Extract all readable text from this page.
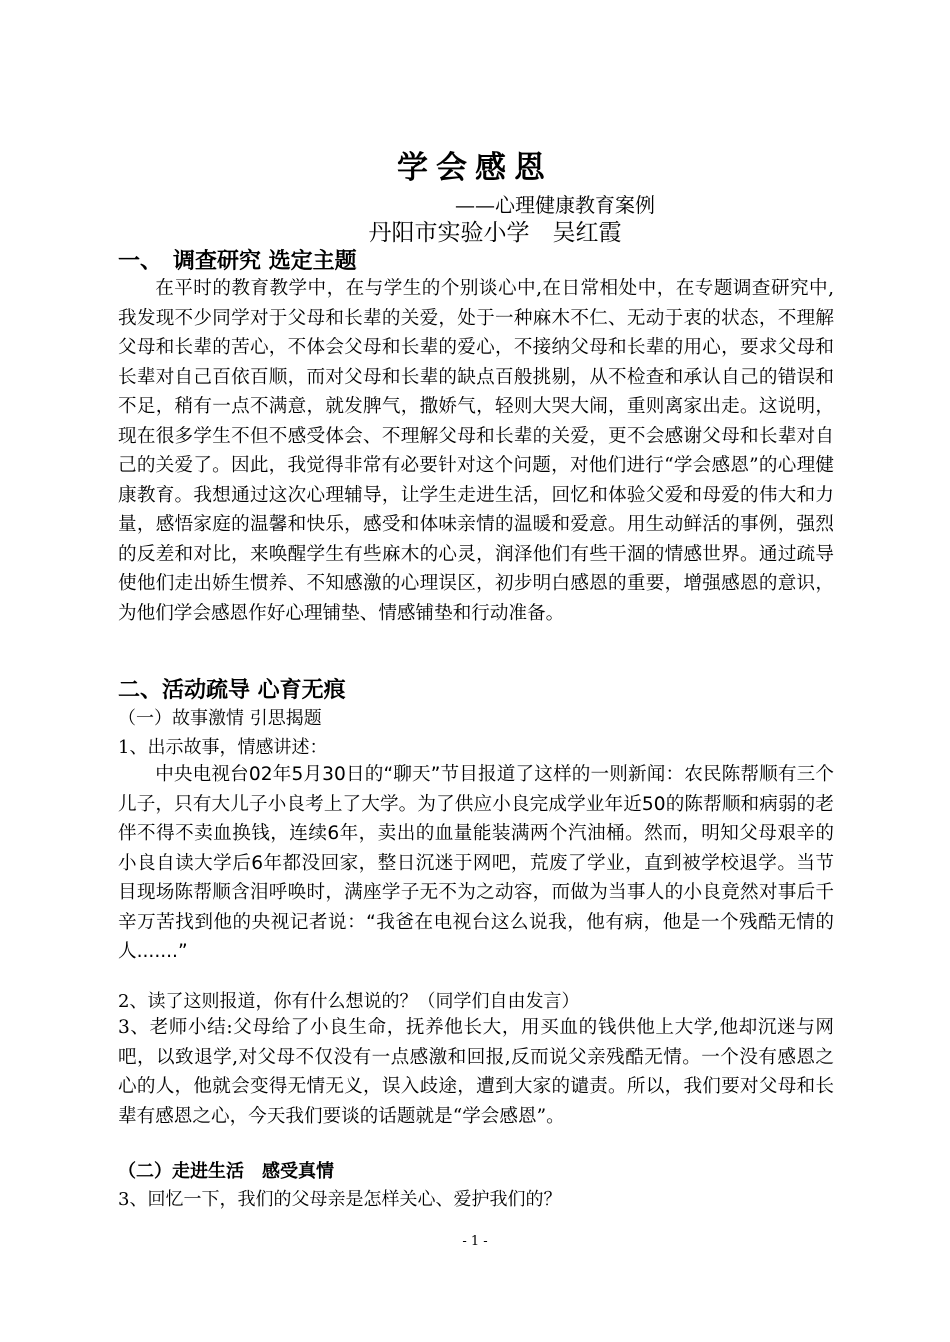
学会感恩
——心理健康教育案例
丹阳市实验小学　吴红霞
一、　调查研究 选定主题
在平时的教育教学中，在与学生的个别谈心中,在日常相处中，在专题调查研究中,我发现不少同学对于父母和长辈的关爱，处于一种麻木不仁、无动于衷的状态，不理解父母和长辈的苦心，不体会父母和长辈的爱心，不接纳父母和长辈的用心，要求父母和长辈对自己百依百顺，而对父母和长辈的缺点百般挑剔，从不检查和承认自己的错误和不足，稍有一点不满意，就发脾气，撒娇气，轻则大哭大闹，重则离家出走。这说明，现在很多学生不但不感受体会、不理解父母和长辈的关爱，更不会感谢父母和长辈对自己的关爱了。因此，我觉得非常有必要针对这个问题，对他们进行“学会感恩”的心理健康教育。我想通过这次心理辅导，让学生走进生活，回忆和体验父爱和母爱的伟大和力量，感悟家庭的温馨和快乐，感受和体味亲情的温暖和爱意。用生动鲜活的事例，强烈的反差和对比，来唤醒学生有些麻木的心灵，润泽他们有些干涸的情感世界。通过疏导使他们走出娇生惯养、不知感激的心理误区，初步明白感恩的重要，增强感恩的意识，为他们学会感恩作好心理铺垫、情感铺垫和行动准备。
二、活动疏导 心育无痕
（一）故事激情 引思揭题
1、出示故事，情感讲述：
中央电视台02年5月30日的“聊天”节目报道了这样的一则新闻：农民陈帮顺有三个儿子，只有大儿子小良考上了大学。为了供应小良完成学业年近50的陈帮顺和病弱的老伴不得不卖血换钱，连续6年，卖出的血量能装满两个汽油桶。然而，明知父母艰辛的小良自读大学后6年都没回家，整日沉迷于网吧，荒废了学业，直到被学校退学。当节目现场陈帮顺含泪呼唤时，满座学子无不为之动容，而做为当事人的小良竟然对事后千辛万苦找到他的央视记者说：“我爸在电视台这么说我，他有病，他是一个残酷无情的人.......”
2、读了这则报道，你有什么想说的？（同学们自由发言）
3、老师小结:父母给了小良生命，抚养他长大，用买血的钱供他上大学,他却沉迷与网吧，以致退学,对父母不仅没有一点感激和回报,反而说父亲残酷无情。一个没有感恩之心的人，他就会变得无情无义，误入歧途，遭到大家的谴责。所以，我们要对父母和长辈有感恩之心，今天我们要谈的话题就是“学会感恩”。
（二）走进生活　感受真情
3、回忆一下，我们的父母亲是怎样关心、爱护我们的？
- 1 -
